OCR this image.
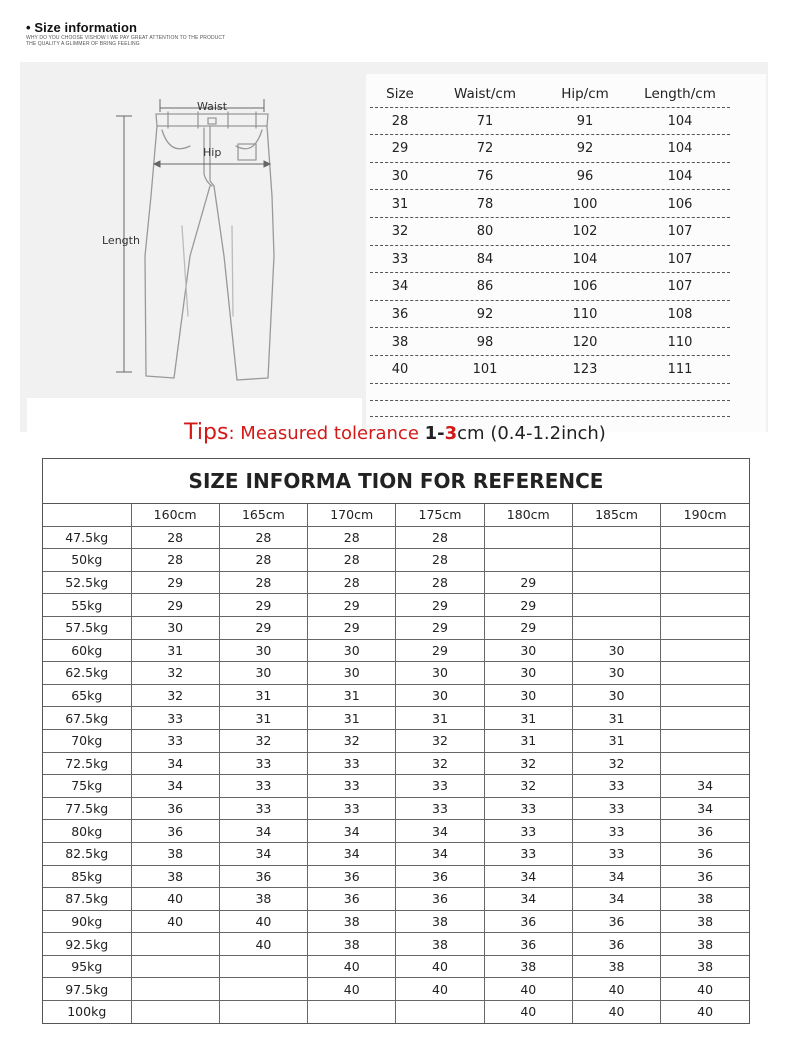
• Size information
WHY DO YOU CHOOSE VISHOW I WE PAY GREAT ATTENTION TO THE PRODUCT
THE QUALITY A GLIMMER OF BRING FEELING
Waist
Hip
Length
Size	Waist/cm	Hip/cm	Length/cm
28	71	91	104
29	72	92	104
30	76	96	104
31	78	100	106
32	80	102	107
33	84	104	107
34	86	106	107
36	92	110	108
38	98	120	110
40	101	123	111
Tips: Measured tolerance 1-3cm (0.4-1.2inch)
SIZE INFORMA TION FOR REFERENCE
	160cm	165cm	170cm	175cm	180cm	185cm	190cm
47.5kg	28	28	28	28			
50kg	28	28	28	28			
52.5kg	29	28	28	28	29		
55kg	29	29	29	29	29		
57.5kg	30	29	29	29	29		
60kg	31	30	30	29	30	30	
62.5kg	32	30	30	30	30	30	
65kg	32	31	31	30	30	30	
67.5kg	33	31	31	31	31	31	
70kg	33	32	32	32	31	31	
72.5kg	34	33	33	32	32	32	
75kg	34	33	33	33	32	33	34
77.5kg	36	33	33	33	33	33	34
80kg	36	34	34	34	33	33	36
82.5kg	38	34	34	34	33	33	36
85kg	38	36	36	36	34	34	36
87.5kg	40	38	36	36	34	34	38
90kg	40	40	38	38	36	36	38
92.5kg		40	38	38	36	36	38
95kg			40	40	38	38	38
97.5kg			40	40	40	40	40
100kg					40	40	40
